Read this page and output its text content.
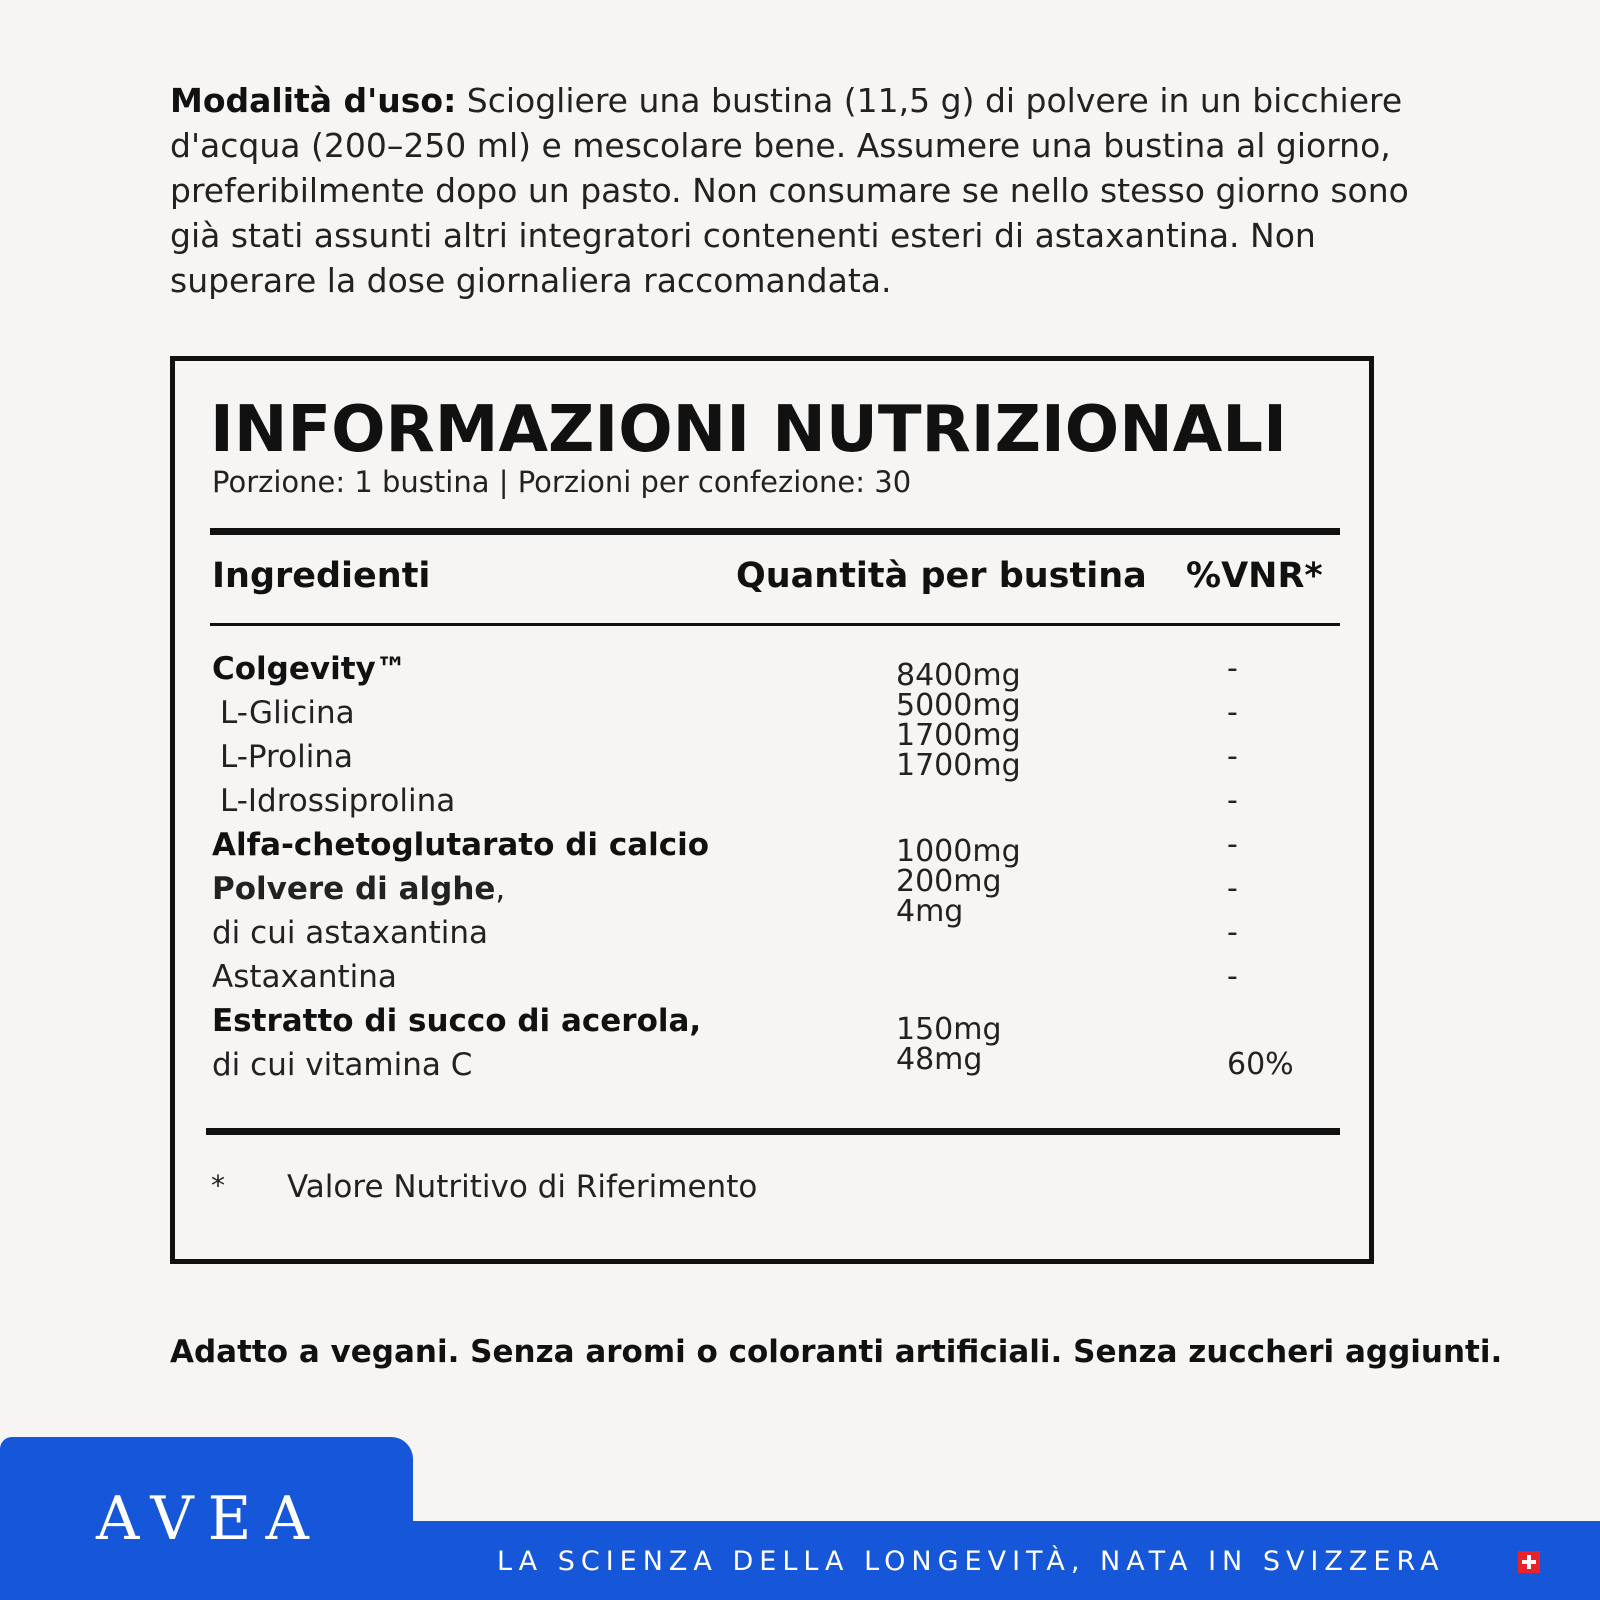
Modalità d'uso: Sciogliere una bustina (11,5 g) di polvere in un bicchiere d'acqua (200–250 ml) e mescolare bene. Assumere una bustina al giorno, preferibilmente dopo un pasto. Non consumare se nello stesso giorno sono già stati assunti altri integratori contenenti esteri di astaxantina. Non superare la dose giornaliera raccomandata.
INFORMAZIONI NUTRIZIONALI
Porzione: 1 bustina | Porzioni per confezione: 30
Ingredienti	Quantità per bustina %VNR*
Colgevity™
L-Glicina
L-Prolina
L-Idrossiprolina
Alfa-chetoglutarato di calcio
Polvere di alghe,
di cui astaxantina
Astaxantina
Estratto di succo di acerola,
di cui vitamina C
8400mg
5000mg
1700mg
1700mg
1000mg
200mg
4mg
150mg
48mg
-
-
-
-
-
-
-
-
60%
* Valore Nutritivo di Riferimento
Adatto a vegani. Senza aromi o coloranti artificiali. Senza zuccheri aggiunti.
AVEA
LA SCIENZA DELLA LONGEVITÀ, NATA IN SVIZZERA
